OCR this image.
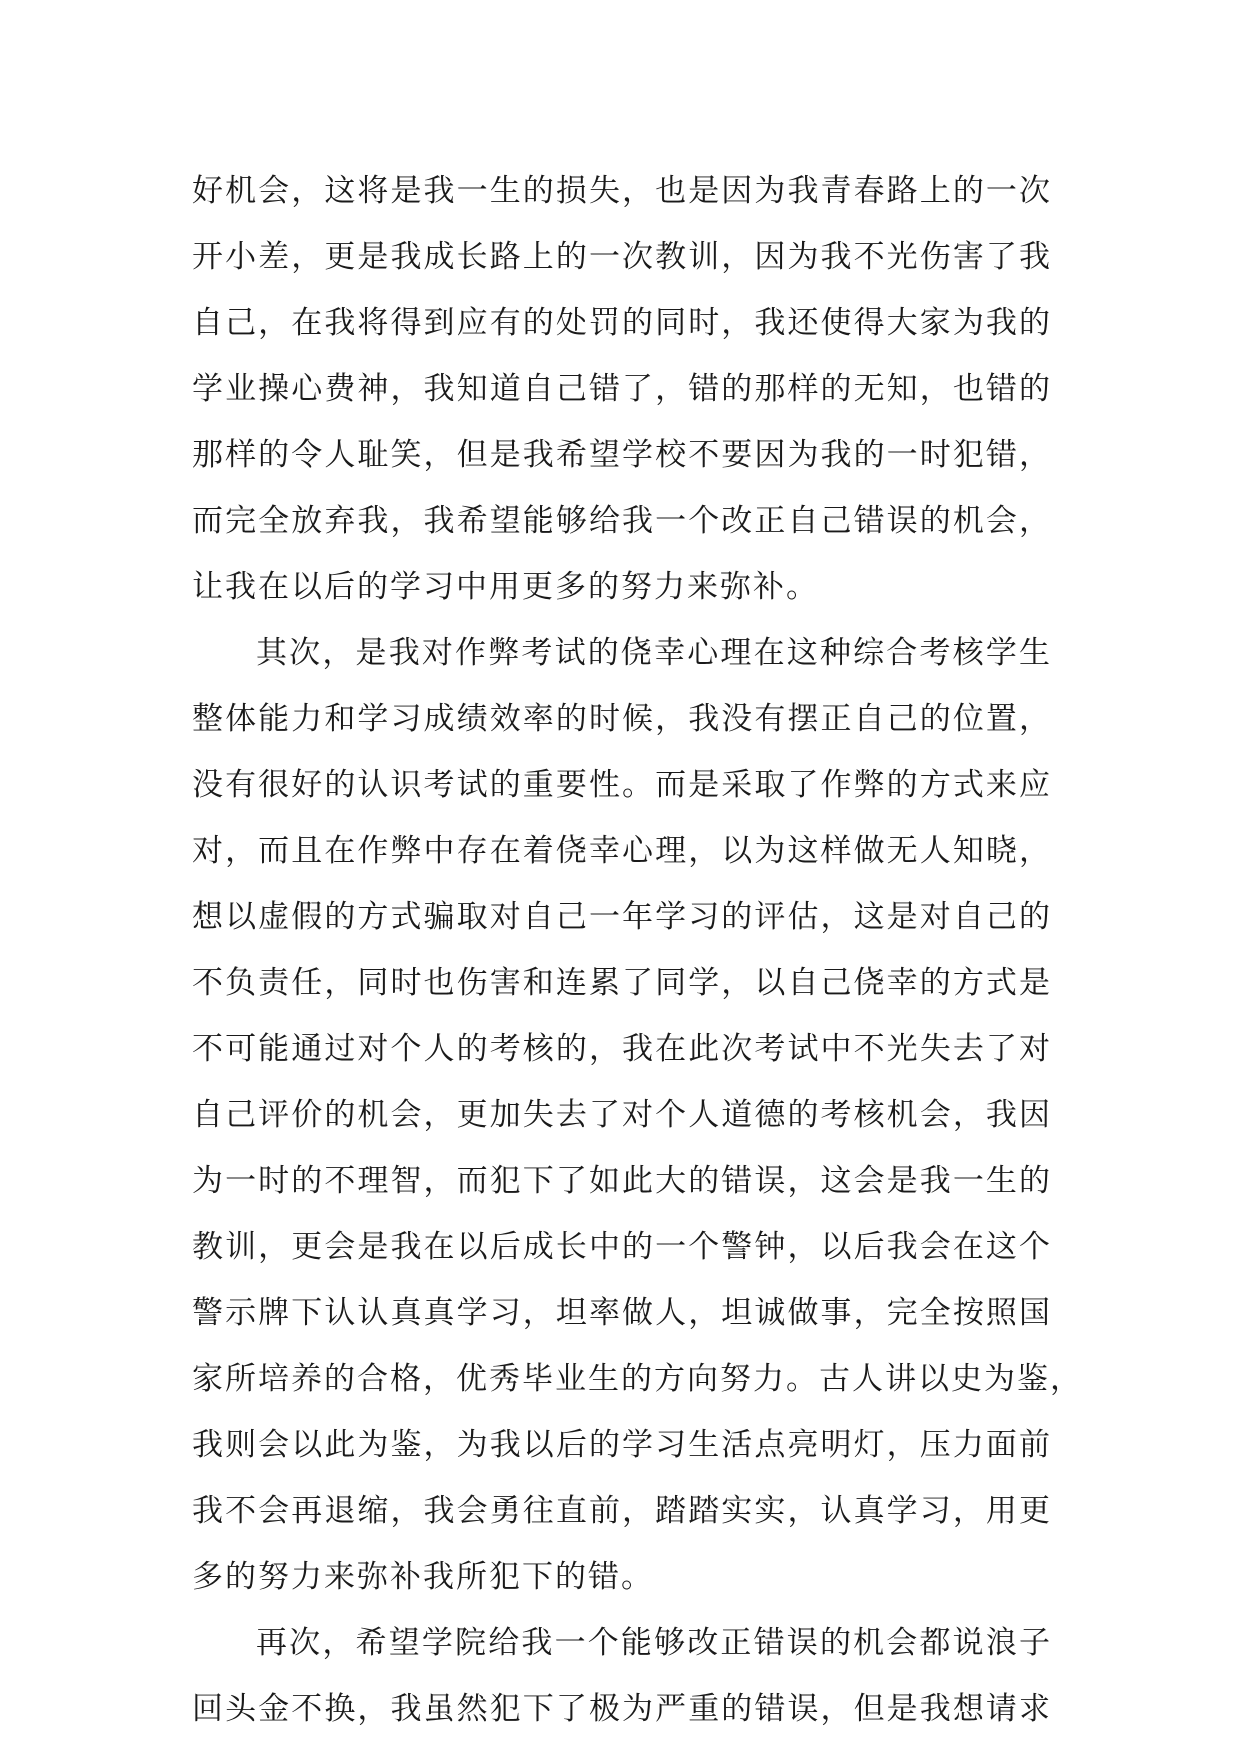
好机会，这将是我一生的损失，也是因为我青春路上的一次
开小差，更是我成长路上的一次教训，因为我不光伤害了我
自己，在我将得到应有的处罚的同时，我还使得大家为我的
学业操心费神，我知道自己错了，错的那样的无知，也错的
那样的令人耻笑，但是我希望学校不要因为我的一时犯错，
而完全放弃我，我希望能够给我一个改正自己错误的机会，
让我在以后的学习中用更多的努力来弥补。
其次，是我对作弊考试的侥幸心理在这种综合考核学生
整体能力和学习成绩效率的时候，我没有摆正自己的位置，
没有很好的认识考试的重要性。而是采取了作弊的方式来应
对，而且在作弊中存在着侥幸心理，以为这样做无人知晓，
想以虚假的方式骗取对自己一年学习的评估，这是对自己的
不负责任，同时也伤害和连累了同学，以自己侥幸的方式是
不可能通过对个人的考核的，我在此次考试中不光失去了对
自己评价的机会，更加失去了对个人道德的考核机会，我因
为一时的不理智，而犯下了如此大的错误，这会是我一生的
教训，更会是我在以后成长中的一个警钟，以后我会在这个
警示牌下认认真真学习，坦率做人，坦诚做事，完全按照国
家所培养的合格，优秀毕业生的方向努力。古人讲以史为鉴，
我则会以此为鉴，为我以后的学习生活点亮明灯，压力面前
我不会再退缩，我会勇往直前，踏踏实实，认真学习，用更
多的努力来弥补我所犯下的错。
再次，希望学院给我一个能够改正错误的机会都说浪子
回头金不换，我虽然犯下了极为严重的错误，但是我想请求
